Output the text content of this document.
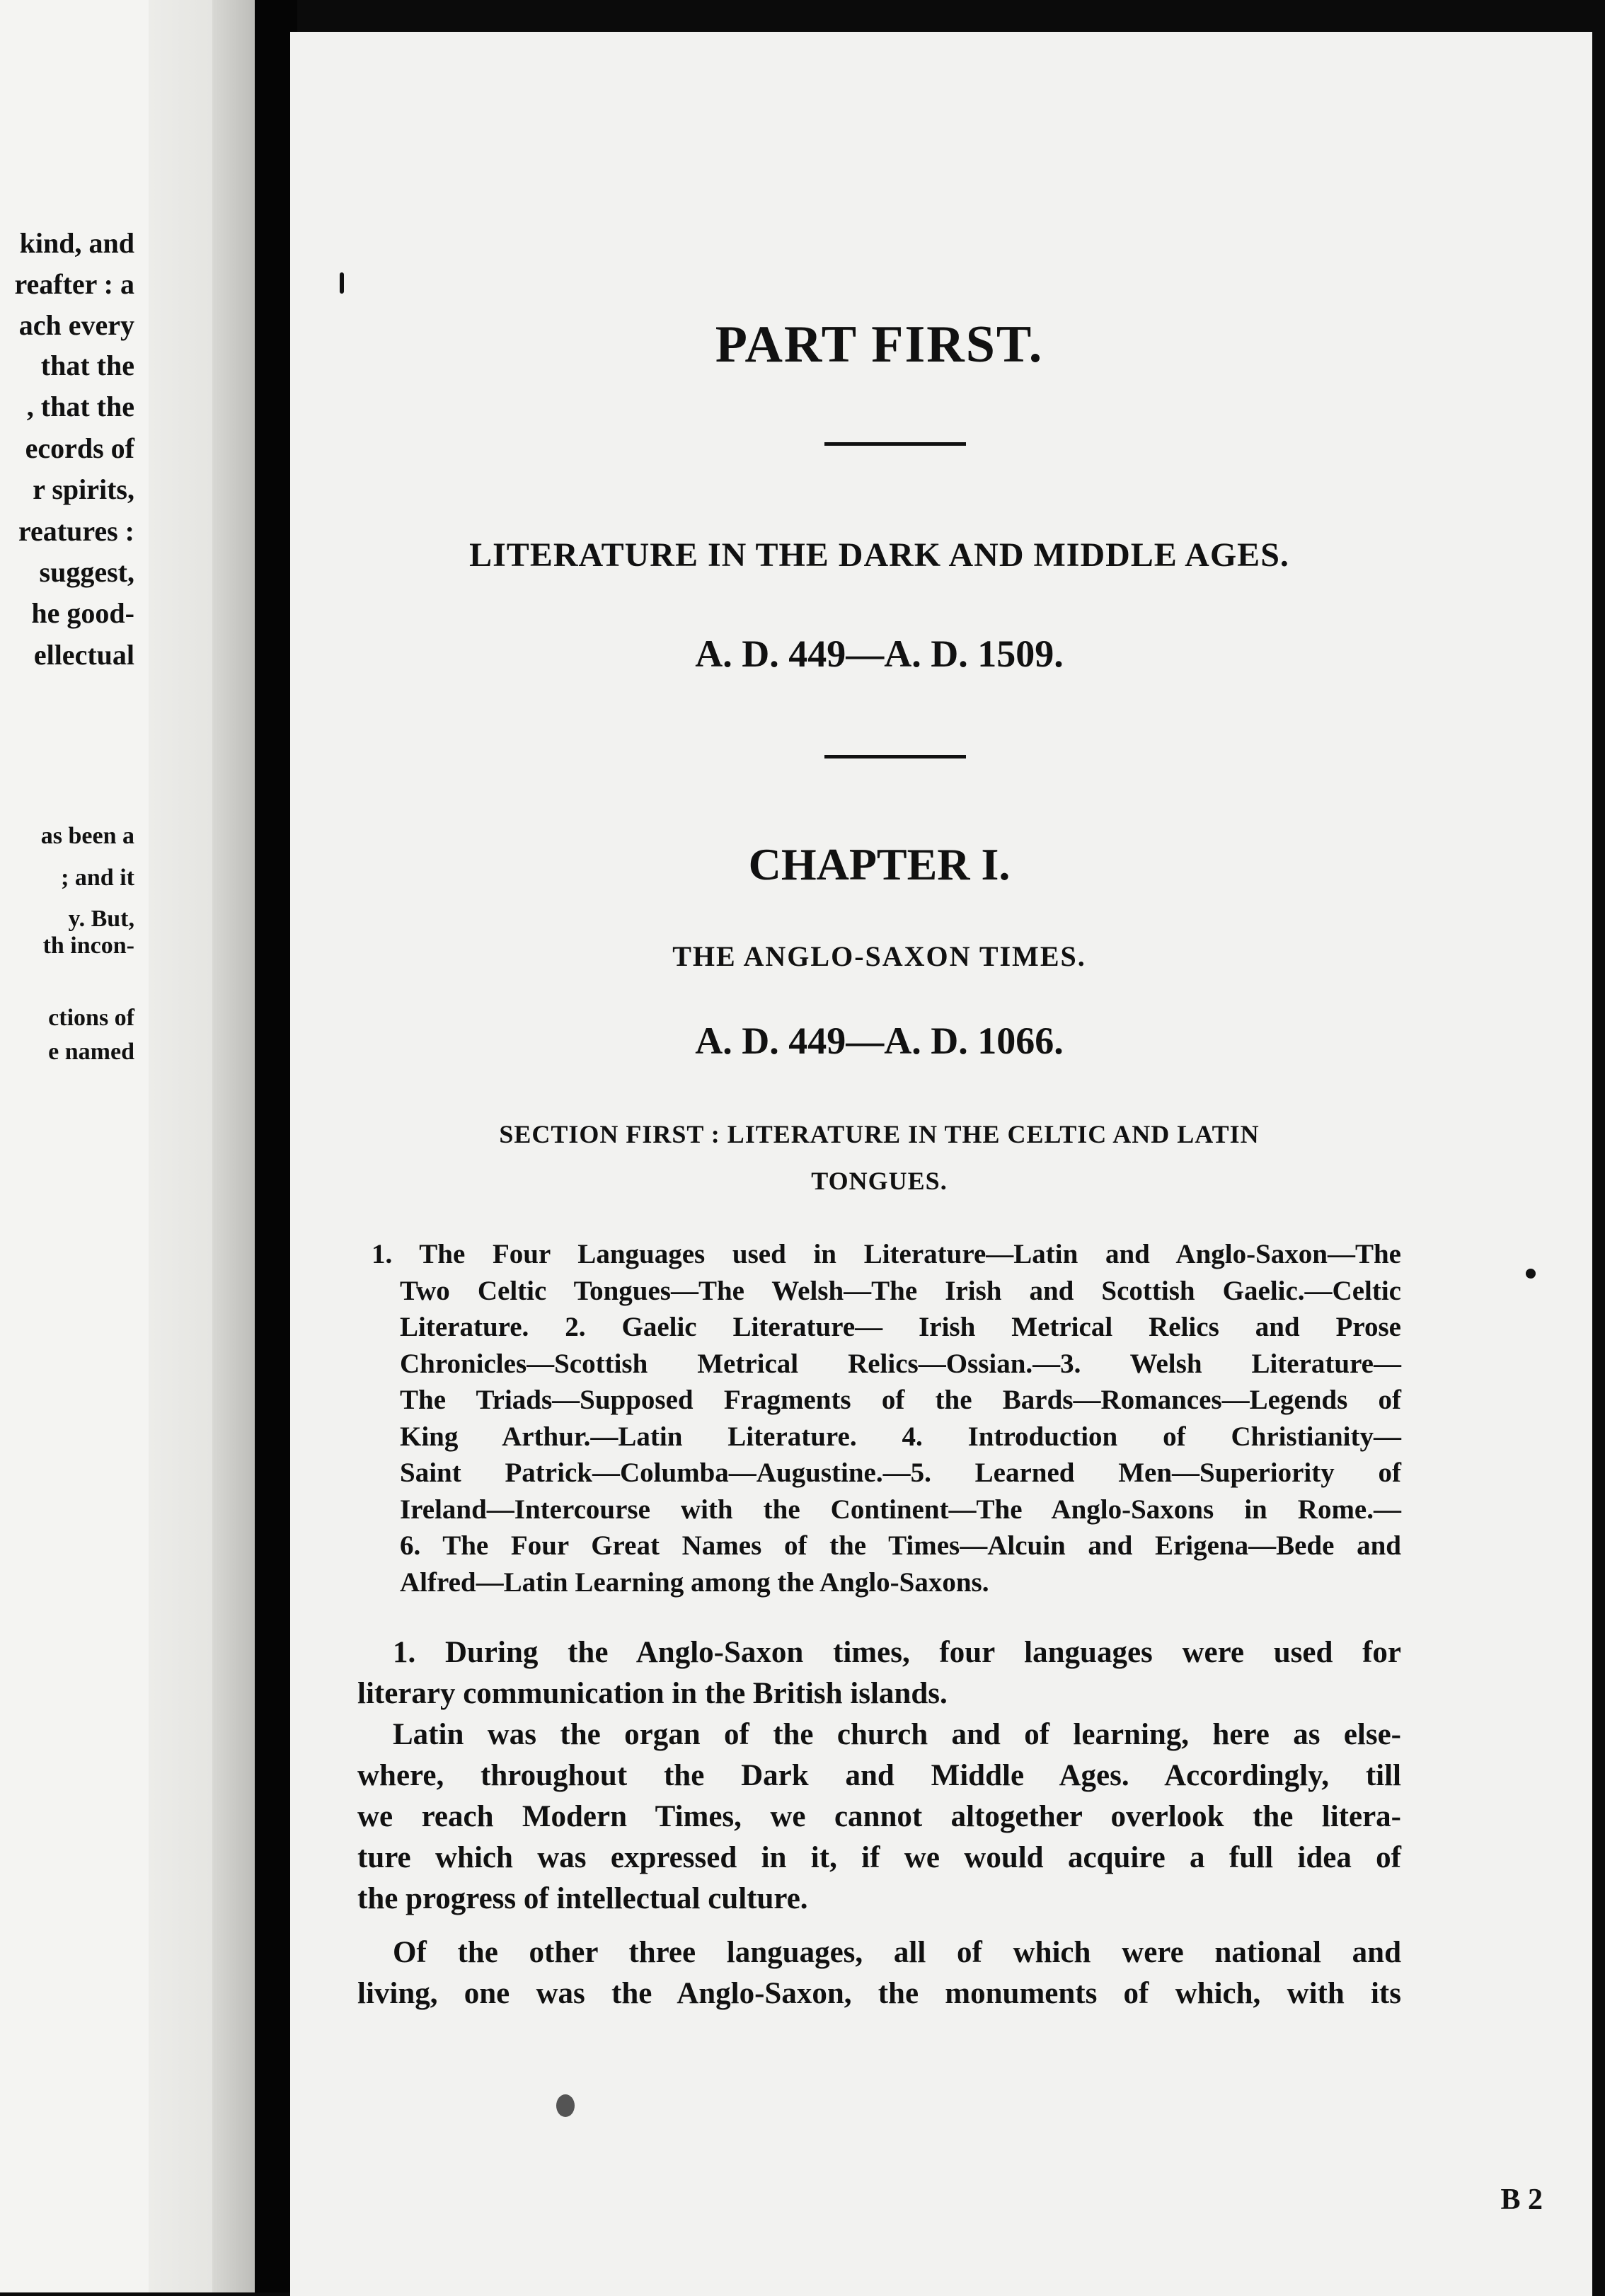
kind, and
reafter : a
ach every
that the
, that the
ecords of
r spirits,
reatures :
suggest,
he good-
ellectual
as been a
; and it
y. But,
th incon-
ctions of
e named
PART FIRST.
LITERATURE IN THE DARK AND MIDDLE AGES.
A. D. 449—A. D. 1509.
CHAPTER I.
THE ANGLO-SAXON TIMES.
A. D. 449—A. D. 1066.
SECTION FIRST : LITERATURE IN THE CELTIC AND LATIN
TONGUES.
1. The Four Languages used in Literature—Latin and Anglo-Saxon—The
Two Celtic Tongues—The Welsh—The Irish and Scottish Gaelic.—Celtic
Literature. 2. Gaelic Literature— Irish Metrical Relics and Prose
Chronicles—Scottish Metrical Relics—Ossian.—3. Welsh Literature—
The Triads—Supposed Fragments of the Bards—Romances—Legends of
King Arthur.—Latin Literature. 4. Introduction of Christianity—
Saint Patrick—Columba—Augustine.—5. Learned Men—Superiority of
Ireland—Intercourse with the Continent—The Anglo-Saxons in Rome.—
6. The Four Great Names of the Times—Alcuin and Erigena—Bede and
Alfred—Latin Learning among the Anglo-Saxons.
1. During the Anglo-Saxon times, four languages were used for
literary communication in the British islands.
Latin was the organ of the church and of learning, here as else-
where, throughout the Dark and Middle Ages. Accordingly, till
we reach Modern Times, we cannot altogether overlook the litera-
ture which was expressed in it, if we would acquire a full idea of
the progress of intellectual culture.
Of the other three languages, all of which were national and
living, one was the Anglo-Saxon, the monuments of which, with its
B 2
